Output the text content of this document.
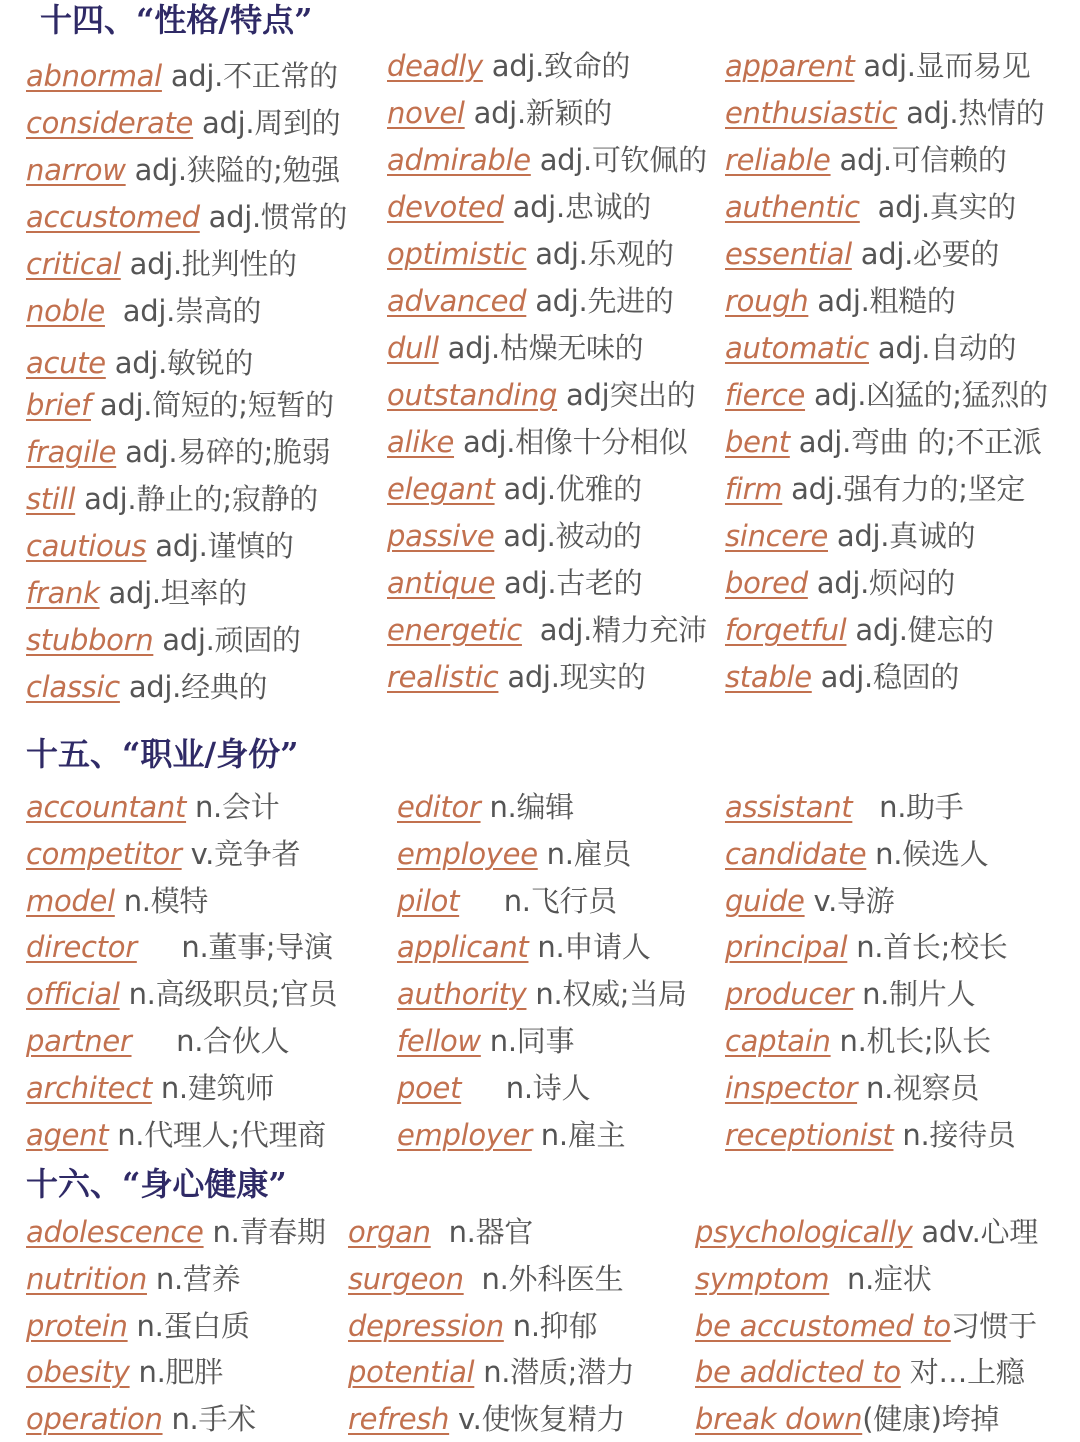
十四、“性格/特点”
abnormal adj.不正常的
considerate adj.周到的
narrow adj.狭隘的;勉强
accustomed adj.惯常的
critical adj.批判性的
noble  adj.崇高的
acute adj.敏锐的
brief adj.简短的;短暂的
fragile adj.易碎的;脆弱
still adj.静止的;寂静的
cautious adj.谨慎的
frank adj.坦率的
stubborn adj.顽固的
classic adj.经典的
deadly adj.致命的
novel adj.新颖的
admirable adj.可钦佩的
devoted adj.忠诚的
optimistic adj.乐观的
advanced adj.先进的
dull adj.枯燥无味的
outstanding adj突出的
alike adj.相像十分相似
elegant adj.优雅的
passive adj.被动的
antique adj.古老的
energetic  adj.精力充沛
realistic adj.现实的
apparent adj.显而易见
enthusiastic adj.热情的
reliable adj.可信赖的
authentic  adj.真实的
essential adj.必要的
rough adj.粗糙的
automatic adj.自动的
fierce adj.凶猛的;猛烈的
bent adj.弯曲 的;不正派
firm adj.强有力的;坚定
sincere adj.真诚的
bored adj.烦闷的
forgetful adj.健忘的
stable adj.稳固的
十五、“职业/身份”
accountant n.会计
competitor v.竞争者
model n.模特
director     n.董事;导演
official n.高级职员;官员
partner     n.合伙人
architect n.建筑师
agent n.代理人;代理商
editor n.编辑
employee n.雇员
pilot     n.飞行员
applicant n.申请人
authority n.权威;当局
fellow n.同事
poet     n.诗人
employer n.雇主
assistant   n.助手
candidate n.候选人
guide v.导游
principal n.首长;校长
producer n.制片人
captain n.机长;队长
inspector n.视察员
receptionist n.接待员
十六、“身心健康”
adolescence n.青春期
nutrition n.营养
protein n.蛋白质
obesity n.肥胖
operation n.手术
organ  n.器官
surgeon  n.外科医生
depression n.抑郁
potential n.潜质;潜力
refresh v.使恢复精力
psychologically adv.心理
symptom  n.症状
be accustomed to习惯于
be addicted to 对…上瘾
break down(健康)垮掉
